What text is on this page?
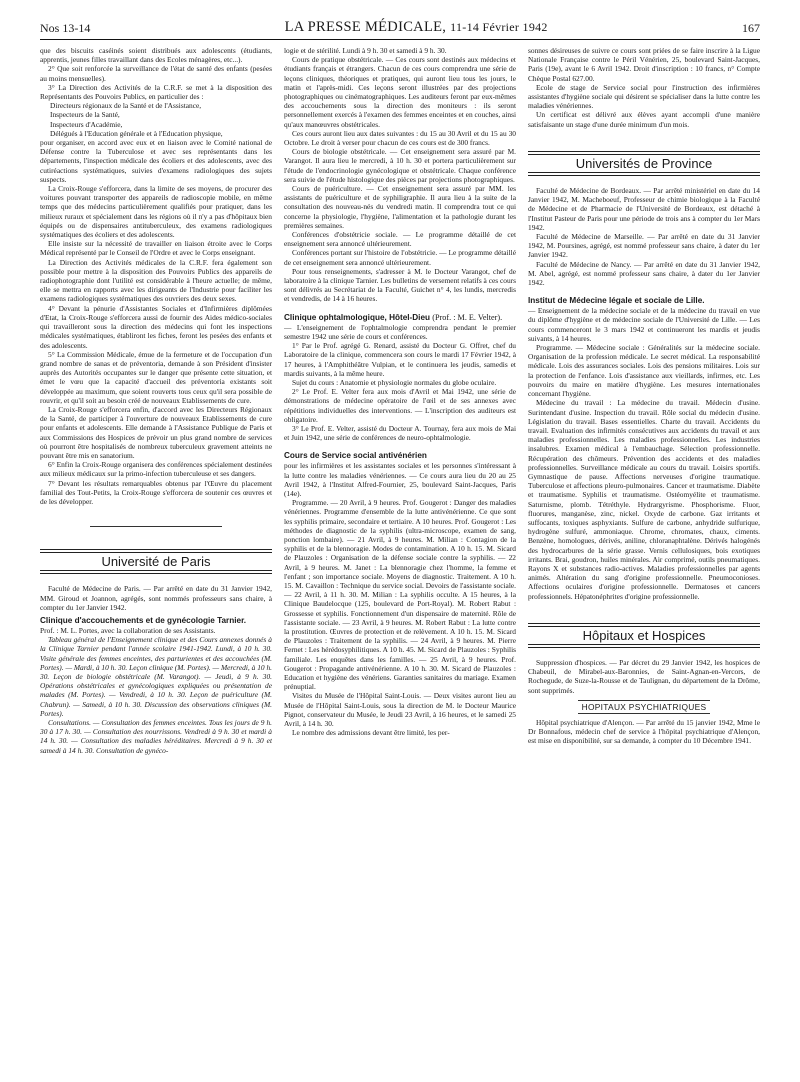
Nos 13-14	LA PRESSE MÉDICALE, 11-14 Février 1942	167

que des biscuits caséinés soient distribués aux adolescents (étudiants, apprentis, jeunes filles travaillant dans des Ecoles ménagères, etc...).

2° Que soit renforcée la surveillance de l'état de santé des enfants (pesées au moins mensuelles).

3° La Direction des Activités de la C.R.F. se met à la disposition des Représentants des Pouvoirs Publics, en particulier des :

Directeurs régionaux de la Santé et de l'Assistance,

Inspecteurs de la Santé,

Inspecteurs d'Académie,

Délégués à l'Education générale et à l'Education physique,

pour organiser, en accord avec eux et en liaison avec le Comité national de Défense contre la Tuberculose et avec ses représentants dans les départements, l'inspection médicale des écoliers et des adolescents, avec des cutiréactions systématiques, suivies d'examens radiologiques des sujets suspects.

La Croix-Rouge s'efforcera, dans la limite de ses moyens, de procurer des voitures pouvant transporter des appareils de radioscopie mobile, en même temps que des médecins particulièrement qualifiés pour pratiquer, dans les milieux ruraux et spécialement dans les régions où il n'y a pas d'hôpitaux bien équipés ou de dispensaires antituberculeux, des examens radiologiques systématiques des écoliers et des adolescents.

Elle insiste sur la nécessité de travailler en liaison étroite avec le Corps Médical représenté par le Conseil de l'Ordre et avec le Corps enseignant.

La Direction des Activités médicales de la C.R.F. fera également son possible pour mettre à la disposition des Pouvoirs Publics des appareils de radiophotographie dont l'utilité est considérable à l'heure actuelle; de même, elle se mettra en rapports avec les dirigeants de l'Industrie pour faciliter les examens radiologiques systématiques des ouvriers des deux sexes.

4° Devant la pénurie d'Assistantes Sociales et d'Infirmières diplômées d'Etat, la Croix-Rouge s'efforcera aussi de fournir des Aides médico-sociales qui travailleront sous la direction des médecins qui font les inspections médicales systématiques, établiront les fiches, feront les pesées des enfants et des adolescents.

5° La Commission Médicale, émue de la fermeture et de l'occupation d'un grand nombre de sanas et de préventoria, demande à son Président d'insister auprès des Autorités occupantes sur le danger que présente cette situation, et émet le vœu que la capacité d'accueil des préventoria existants soit développée au maximum, que soient rouverts tous ceux qu'il sera possible de rouvrir, et qu'il soit au besoin créé de nouveaux Etablissements de cure.

La Croix-Rouge s'efforcera enfin, d'accord avec les Directeurs Régionaux de la Santé, de participer à l'ouverture de nouveaux Etablissements de cure pour enfants et adolescents. Elle demande à l'Assistance Publique de Paris et aux Commissions des Hospices de prévoir un plus grand nombre de services où pourront être hospitalisés de nombreux tuberculeux gravement atteints ne pouvant être mis en sanatorium.

6° Enfin la Croix-Rouge organisera des conférences spécialement destinées aux milieux médicaux sur la primo-infection tuberculeuse et ses dangers.

7° Devant les résultats remarquables obtenus par l'Œuvre du placement familial des Tout-Petits, la Croix-Rouge s'efforcera de soutenir ces œuvres et de les développer.

Université de Paris

Faculté de Médecine de Paris. — Par arrêté en date du 31 Janvier 1942, MM. Giroud et Joannon, agrégés, sont nommés professeurs sans chaire, à compter du 1er Janvier 1942.

Clinique d'accouchements et de gynécologie Tarnier.

Prof. : M. L. Portes, avec la collaboration de ses Assistants.

Tableau général de l'Enseignement clinique et des Cours annexes donnés à la Clinique Tarnier pendant l'année scolaire 1941-1942. Lundi, à 10 h. 30. Visite générale des femmes enceintes, des parturientes et des accouchées (M. Portes). — Mardi, à 10 h. 30. Leçon clinique (M. Portes). — Mercredi, à 10 h. 30. Leçon de biologie obstétricale (M. Varangot). — Jeudi, à 9 h. 30. Opérations obstétricales et gynécologiques expliquées ou présentation de malades (M. Portes). — Vendredi, à 10 h. 30. Leçon de puériculture (M. Chabrun). — Samedi, à 10 h. 30. Discussion des observations cliniques (M. Portes).

Consultations. — Consultation des femmes enceintes. Tous les jours de 9 h. 30 à 17 h. 30. — Consultation des nourrissons. Vendredi à 9 h. 30 et mardi à 14 h. 30. — Consultation des maladies héréditaires. Mercredi à 9 h. 30 et samedi à 14 h. 30. Consultation de gynéco-

logie et de stérilité. Lundi à 9 h. 30 et samedi à 9 h. 30.

Cours de pratique obstétricale. — Ces cours sont destinés aux médecins et étudiants français et étrangers. Chacun de ces cours comprendra une série de leçons cliniques, théoriques et pratiques, qui auront lieu tous les jours, le matin et l'après-midi. Ces leçons seront illustrées par des projections photographiques ou cinématographiques. Les auditeurs feront par eux-mêmes des accouchements sous la direction des moniteurs : ils seront personnellement exercés à l'examen des femmes enceintes et en couches, ainsi qu'aux manœuvres obstétricales.

Ces cours auront lieu aux dates suivantes : du 15 au 30 Avril et du 15 au 30 Octobre. Le droit à verser pour chacun de ces cours est de 300 francs.

Cours de biologie obstétricale. — Cet enseignement sera assuré par M. Varangot. Il aura lieu le mercredi, à 10 h. 30 et portera particulièrement sur l'étude de l'endocrinologie gynécologique et obstétricale. Chaque conférence sera suivie de l'étude histologique des pièces par projections photographiques.

Cours de puériculture. — Cet enseignement sera assuré par MM. les assistants de puériculture et de syphiligraphie. Il aura lieu à la suite de la consultation des nouveau-nés du vendredi matin. Il comprendra tout ce qui concerne la physiologie, l'hygiène, l'alimentation et la pathologie durant les premières semaines.

Conférences d'obstétricie sociale. — Le programme détaillé de cet enseignement sera annoncé ultérieurement.

Conférences portant sur l'histoire de l'obstétricie. — Le programme détaillé de cet enseignement sera annoncé ultérieurement.

Pour tous renseignements, s'adresser à M. le Docteur Varangot, chef de laboratoire à la clinique Tarnier. Les bulletins de versement relatifs à ces cours sont délivrés au Secrétariat de la Faculté, Guichet n° 4, les lundis, mercredis et vendredis, de 14 à 16 heures.

Clinique ophtalmologique, Hôtel-Dieu (Prof. : M. E. Velter).

— L'enseignement de l'ophtalmologie comprendra pendant le premier semestre 1942 une série de cours et conférences.

1° Par le Prof. agrégé G. Renard, assisté du Docteur G. Offret, chef du Laboratoire de la clinique, commencera son cours le mardi 17 Février 1942, à 17 heures, à l'Amphithéâtre Vulpian, et le continuera les jeudis, samedis et mardis suivants, à la même heure.

Sujet du cours : Anatomie et physiologie normales du globe oculaire.

2° Le Prof. E. Velter fera aux mois d'Avril et Mai 1942, une série de démonstrations de médecine opératoire de l'œil et de ses annexes avec répétitions individuelles des interventions. — L'inscription des auditeurs est obligatoire.

3° Le Prof. E. Velter, assisté du Docteur A. Tournay, fera aux mois de Mai et Juin 1942, une série de conférences de neuro-ophtalmologie.

Cours de Service social antivénérien

pour les infirmières et les assistantes sociales et les personnes s'intéressant à la lutte contre les maladies vénériennes. — Ce cours aura lieu du 20 au 25 Avril 1942, à l'Institut Alfred-Fournier, 25, boulevard Saint-Jacques, Paris (14e).

Programme. — 20 Avril, à 9 heures. Prof. Gougerot : Danger des maladies vénériennes. Programme d'ensemble de la lutte antivénérienne. Ce que sont les syphilis primaire, secondaire et tertiaire. A 10 heures. Prof. Gougerot : Les méthodes de diagnostic de la syphilis (ultra-microscope, examen de sang, ponction lombaire). — 21 Avril, à 9 heures. M. Milian : Contagion de la syphilis et de la blennoragie. Modes de contamination. A 10 h. 15. M. Sicard de Plauzoles : Organisation de la défense sociale contre la syphilis. — 22 Avril, à 9 heures. M. Janet : La blennoragie chez l'homme, la femme et l'enfant ; son importance sociale. Moyens de diagnostic. Traitement. A 10 h. 15. M. Cavaillon : Technique du service social. Devoirs de l'assistante sociale. — 22 Avril, à 11 h. 30. M. Milian : La syphilis occulte. A 15 heures, à la Clinique Baudelocque (125, boulevard de Port-Royal). M. Robert Rabut : Grossesse et syphilis. Fonctionnement d'un dispensaire de maternité. Rôle de l'assistante sociale. — 23 Avril, à 9 heures. M. Robert Rabut : La lutte contre la prostitution. Œuvres de protection et de relèvement. A 10 h. 15. M. Sicard de Plauzoles : Traitement de la syphilis. — 24 Avril, à 9 heures. M. Pierre Fernet : Les hérédosyphilitiques. A 10 h. 45. M. Sicard de Plauzoles : Syphilis familiale. Les enquêtes dans les familles. — 25 Avril, à 9 heures. Prof. Gougerot : Propagande antivénérienne. A 10 h. 30. M. Sicard de Plauzoles : Education et hygiène des vénériens. Garanties sanitaires du mariage. Examen prénuptial.

Visites du Musée de l'Hôpital Saint-Louis. — Deux visites auront lieu au Musée de l'Hôpital Saint-Louis, sous la direction de M. le Docteur Maurice Pignot, conservateur du Musée, le Jeudi 23 Avril, à 16 heures, et le samedi 25 Avril, à 14 h. 30.

Le nombre des admissions devant être limité, les per-

sonnes désireuses de suivre ce cours sont priées de se faire inscrire à la Ligue Nationale Française contre le Péril Vénérien, 25, boulevard Saint-Jacques, Paris (19e), avant le 6 Avril 1942. Droit d'inscription : 10 francs, n° Compte Chèque Postal 627.00.

Ecole de stage de Service social pour l'instruction des infirmières assistantes d'hygiène sociale qui désirent se spécialiser dans la lutte contre les maladies vénériennes.

Un certificat est délivré aux élèves ayant accompli d'une manière satisfaisante un stage d'une durée minimum d'un mois.

Universités de Province

Faculté de Médecine de Bordeaux. — Par arrêté ministériel en date du 14 Janvier 1942, M. Macheboeuf, Professeur de chimie biologique à la Faculté de Médecine et de Pharmacie de l'Université de Bordeaux, est détaché à l'Institut Pasteur de Paris pour une période de trois ans à compter du 1er Mars 1942.

Faculté de Médecine de Marseille. — Par arrêté en date du 31 Janvier 1942, M. Poursines, agrégé, est nommé professeur sans chaire, à dater du 1er Janvier 1942.

Faculté de Médecine de Nancy. — Par arrêté en date du 31 Janvier 1942, M. Abel, agrégé, est nommé professeur sans chaire, à dater du 1er Janvier 1942.

Institut de Médecine légale et sociale de Lille.

— Enseignement de la médecine sociale et de la médecine du travail en vue du diplôme d'hygiène et de médecine sociale de l'Université de Lille. — Les cours commenceront le 3 mars 1942 et continueront les mardis et jeudis suivants, à 14 heures.

Programme. — Médecine sociale : Généralités sur la médecine sociale. Organisation de la profession médicale. Le secret médical. La responsabilité médicale. Lois des assurances sociales. Lois des pensions militaires. Lois sur la protection de l'enfance. Lois d'assistance aux vieillards, infirmes, etc. Les pouvoirs du maire en matière d'hygiène. Les mesures internationales concernant l'hygiène.

Médecine du travail : La médecine du travail. Médecin d'usine. Surintendant d'usine. Inspection du travail. Rôle social du médecin d'usine. Législation du travail. Bases essentielles. Charte du travail. Accidents du travail. Evaluation des infirmités consécutives aux accidents du travail et aux maladies professionnelles. Les maladies professionnelles. Les industries insalubres. Examen médical à l'embauchage. Sélection professionnelle. Récupération des chômeurs. Prévention des accidents et des maladies professionnelles. Surveillance médicale au cours du travail. Loisirs sportifs. Gymnastique de pause. Affections nerveuses d'origine traumatique. Tuberculose et affections pleuro-pulmonaires. Cancer et traumatisme. Diabète et traumatisme. Syphilis et traumatisme. Ostéomyélite et traumatisme. Saturnisme, plomb. Tétréthyle. Hydrargyrisme. Phosphorisme. Fluor, fluorures, manganèse, zinc, nickel. Oxyde de carbone. Gaz irritants et suffocants, toxiques asphyxiants. Sulfure de carbone, anhydride sulfurique, hydrogène sulfuré, ammoniaque. Chrome, chromates, chaux, ciments. Benzène, homologues, dérivés, aniline, chloranaphtalène. Dérivés halogénés des hydrocarbures de la série grasse. Vernis cellulosiques, bois exotiques irritants. Brai, goudron, huiles minérales. Air comprimé, outils pneumatiques. Rayons X et substances radio-actives. Maladies professionnelles par agents animés. Altération du sang d'origine professionnelle. Pneumoconioses. Affections oculaires d'origine professionnelle. Dermatoses et cancers professionnels. Hépatonéphrites d'origine professionnelle.

Hôpitaux et Hospices

Suppression d'hospices. — Par décret du 29 Janvier 1942, les hospices de Chabeuil, de Mirabel-aux-Baronnies, de Saint-Agnan-en-Vercors, de Rochegude, de Suze-la-Rousse et de Taulignan, du département de la Drôme, sont supprimés.

HOPITAUX PSYCHIATRIQUES

Hôpital psychiatrique d'Alençon. — Par arrêté du 15 janvier 1942, Mme le Dr Bonnafous, médecin chef de service à l'hôpital psychiatrique d'Alençon, est mise en disponibilité, sur sa demande, à compter du 10 Décembre 1941.
